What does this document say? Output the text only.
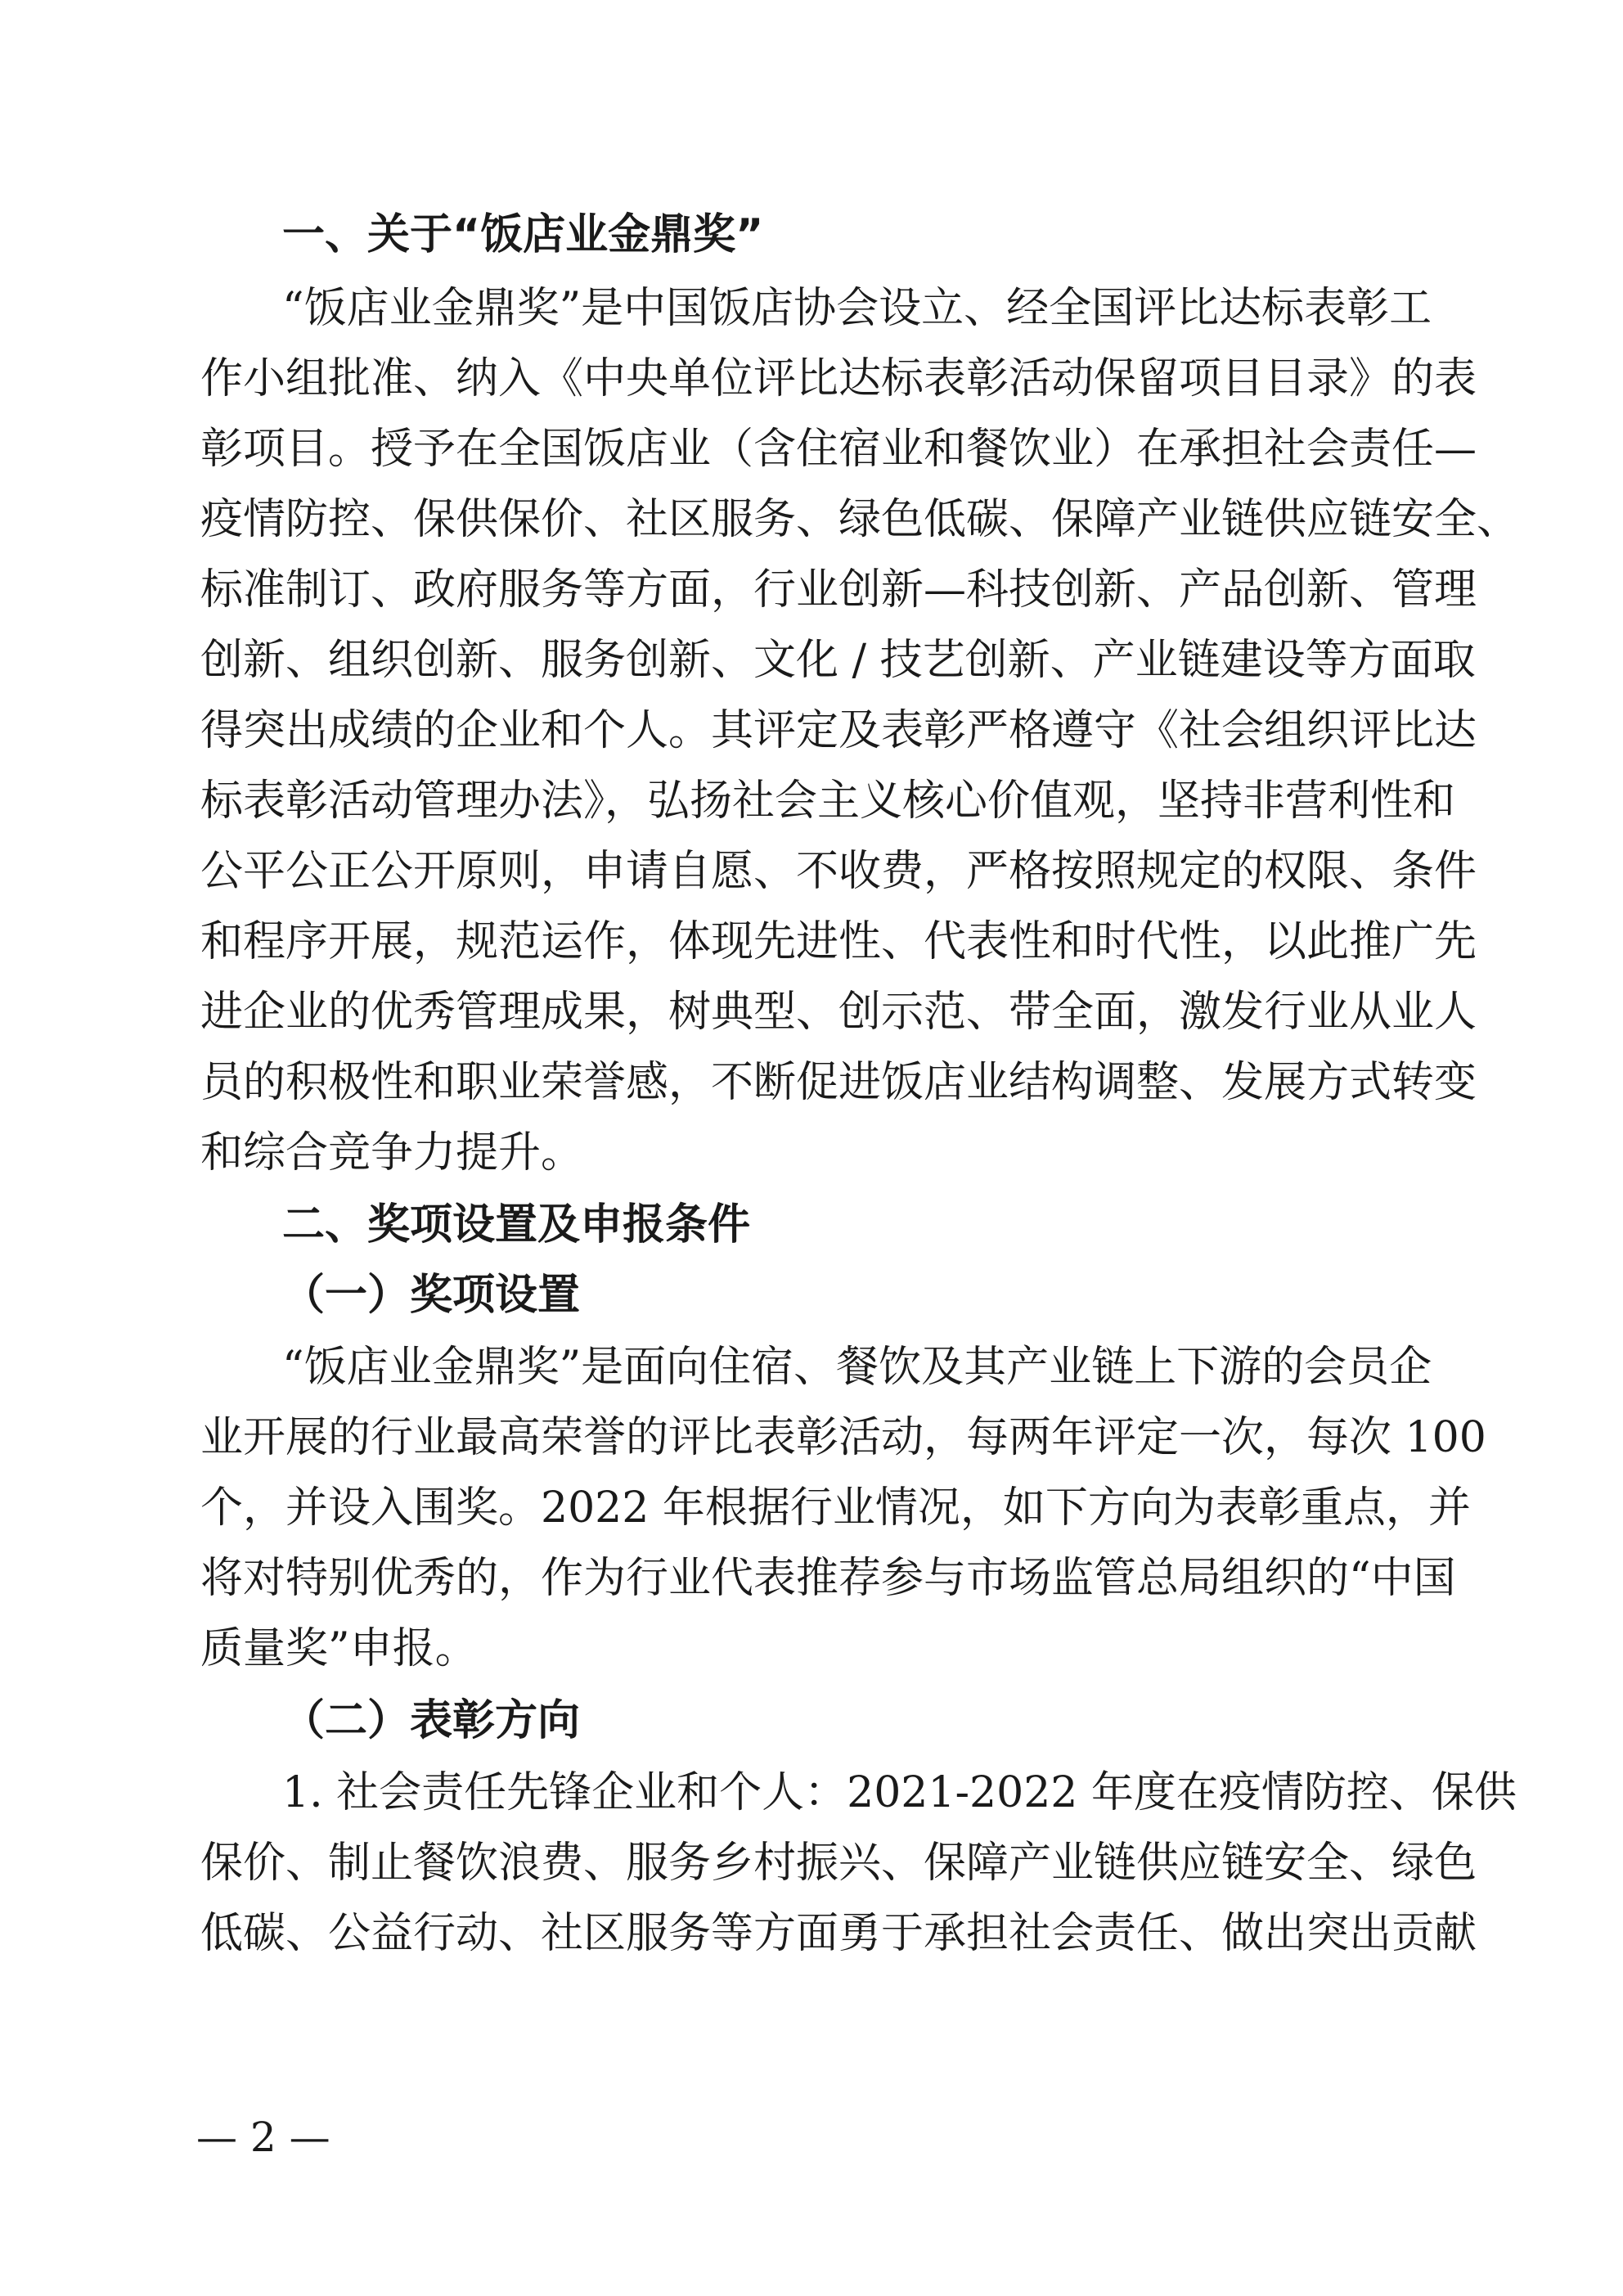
一、关于“饭店业金鼎奖”
“饭店业金鼎奖”是中国饭店协会设立、经全国评比达标表彰工
作小组批准、纳入《中央单位评比达标表彰活动保留项目目录》的表
彰项目。授予在全国饭店业（含住宿业和餐饮业）在承担社会责任—
疫情防控、保供保价、社区服务、绿色低碳、保障产业链供应链安全、
标准制订、政府服务等方面，行业创新—科技创新、产品创新、管理
创新、组织创新、服务创新、文化 / 技艺创新、产业链建设等方面取
得突出成绩的企业和个人。其评定及表彰严格遵守《社会组织评比达
标表彰活动管理办法》，弘扬社会主义核心价值观，坚持非营利性和
公平公正公开原则，申请自愿、不收费，严格按照规定的权限、条件
和程序开展，规范运作，体现先进性、代表性和时代性，以此推广先
进企业的优秀管理成果，树典型、创示范、带全面，激发行业从业人
员的积极性和职业荣誉感，不断促进饭店业结构调整、发展方式转变
和综合竞争力提升。
二、奖项设置及申报条件
（一）奖项设置
“饭店业金鼎奖”是面向住宿、餐饮及其产业链上下游的会员企
业开展的行业最高荣誉的评比表彰活动，每两年评定一次，每次 100
个，并设入围奖。2022 年根据行业情况，如下方向为表彰重点，并
将对特别优秀的，作为行业代表推荐参与市场监管总局组织的“中国
质量奖”申报。
（二）表彰方向
1. 社会责任先锋企业和个人：2021-2022 年度在疫情防控、保供
保价、制止餐饮浪费、服务乡村振兴、保障产业链供应链安全、绿色
低碳、公益行动、社区服务等方面勇于承担社会责任、做出突出贡献
— 2 —
